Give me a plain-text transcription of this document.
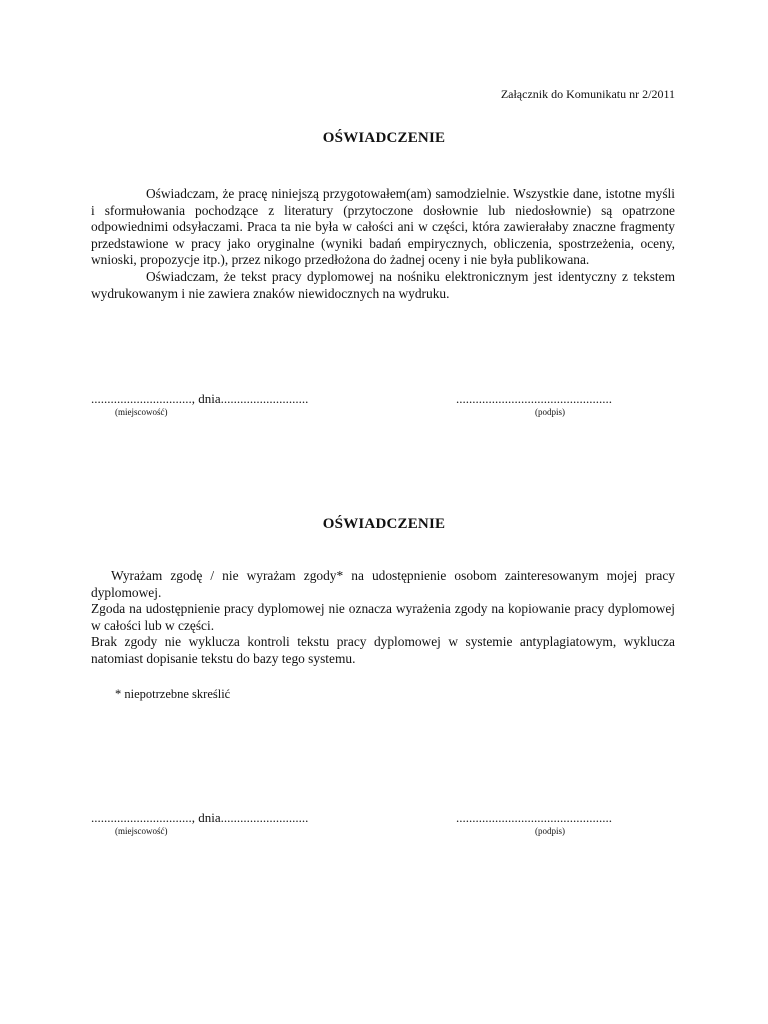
Załącznik do Komunikatu nr 2/2011
OŚWIADCZENIE

Oświadczam, że pracę niniejszą przygotowałem(am) samodzielnie. Wszystkie dane, istotne myśli i sformułowania pochodzące z literatury (przytoczone dosłownie lub niedosłownie) są opatrzone odpowiednimi odsyłaczami. Praca ta nie była w całości ani w części, która zawierałaby znaczne fragmenty przedstawione w pracy jako oryginalne (wyniki badań empirycznych, obliczenia, spostrzeżenia, oceny, wnioski, propozycje itp.), przez nikogo przedłożona do żadnej oceny i nie była publikowana.

Oświadczam, że tekst pracy dyplomowej na nośniku elektronicznym jest identyczny z tekstem wydrukowanym i nie zawiera znaków niewidocznych na wydruku.

..............................., dnia...........................	................................................
(miejscowość)	(podpis)
OŚWIADCZENIE

Wyrażam zgodę / nie wyrażam zgody* na udostępnienie osobom zainteresowanym mojej pracy dyplomowej.

Zgoda na udostępnienie pracy dyplomowej nie oznacza wyrażenia zgody na kopiowanie pracy dyplomowej w całości lub w części.

Brak zgody nie wyklucza kontroli tekstu pracy dyplomowej w systemie antyplagiatowym, wyklucza natomiast dopisanie tekstu do bazy tego systemu.

* niepotrzebne skreślić
..............................., dnia...........................	................................................
(miejscowość)	(podpis)
